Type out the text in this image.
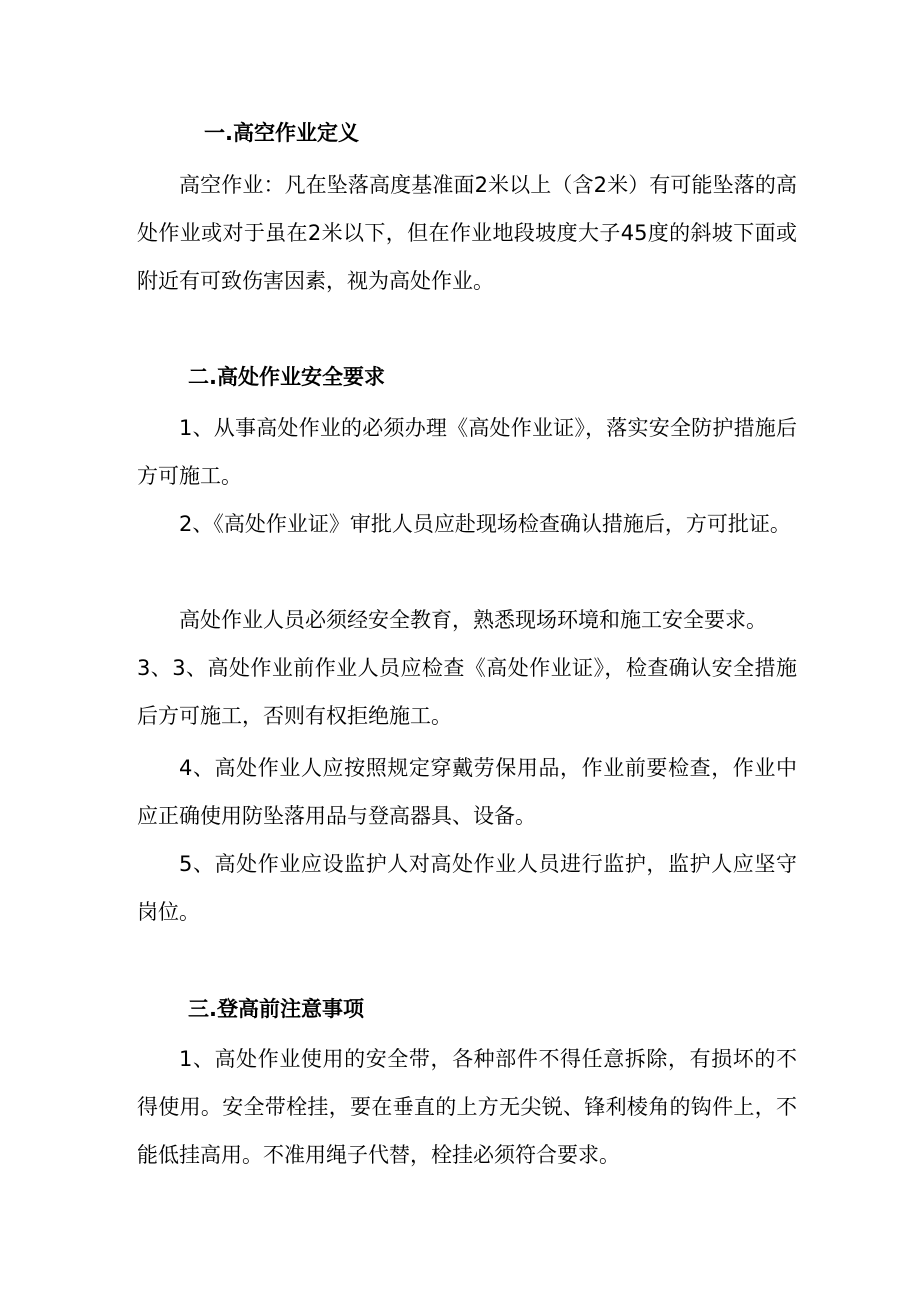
一.高空作业定义
高空作业：凡在坠落高度基准面2米以上（含2米）有可能坠落的高处作业或对于虽在2米以下，但在作业地段坡度大子45度的斜坡下面或附近有可致伤害因素，视为高处作业。
二.高处作业安全要求
1、从事高处作业的必须办理《高处作业证》，落实安全防护措施后方可施工。
2、《高处作业证》审批人员应赴现场检查确认措施后，方可批证。
高处作业人员必须经安全教育，熟悉现场环境和施工安全要求。
3、3、高处作业前作业人员应检查《高处作业证》，检查确认安全措施后方可施工，否则有权拒绝施工。
4、高处作业人应按照规定穿戴劳保用品，作业前要检查，作业中应正确使用防坠落用品与登高器具、设备。
5、高处作业应设监护人对高处作业人员进行监护，监护人应坚守岗位。
三.登高前注意事项
1、高处作业使用的安全带，各种部件不得任意拆除，有损坏的不得使用。安全带栓挂，要在垂直的上方无尖锐、锋利棱角的钩件上，不能低挂高用。不准用绳子代替，栓挂必须符合要求。
